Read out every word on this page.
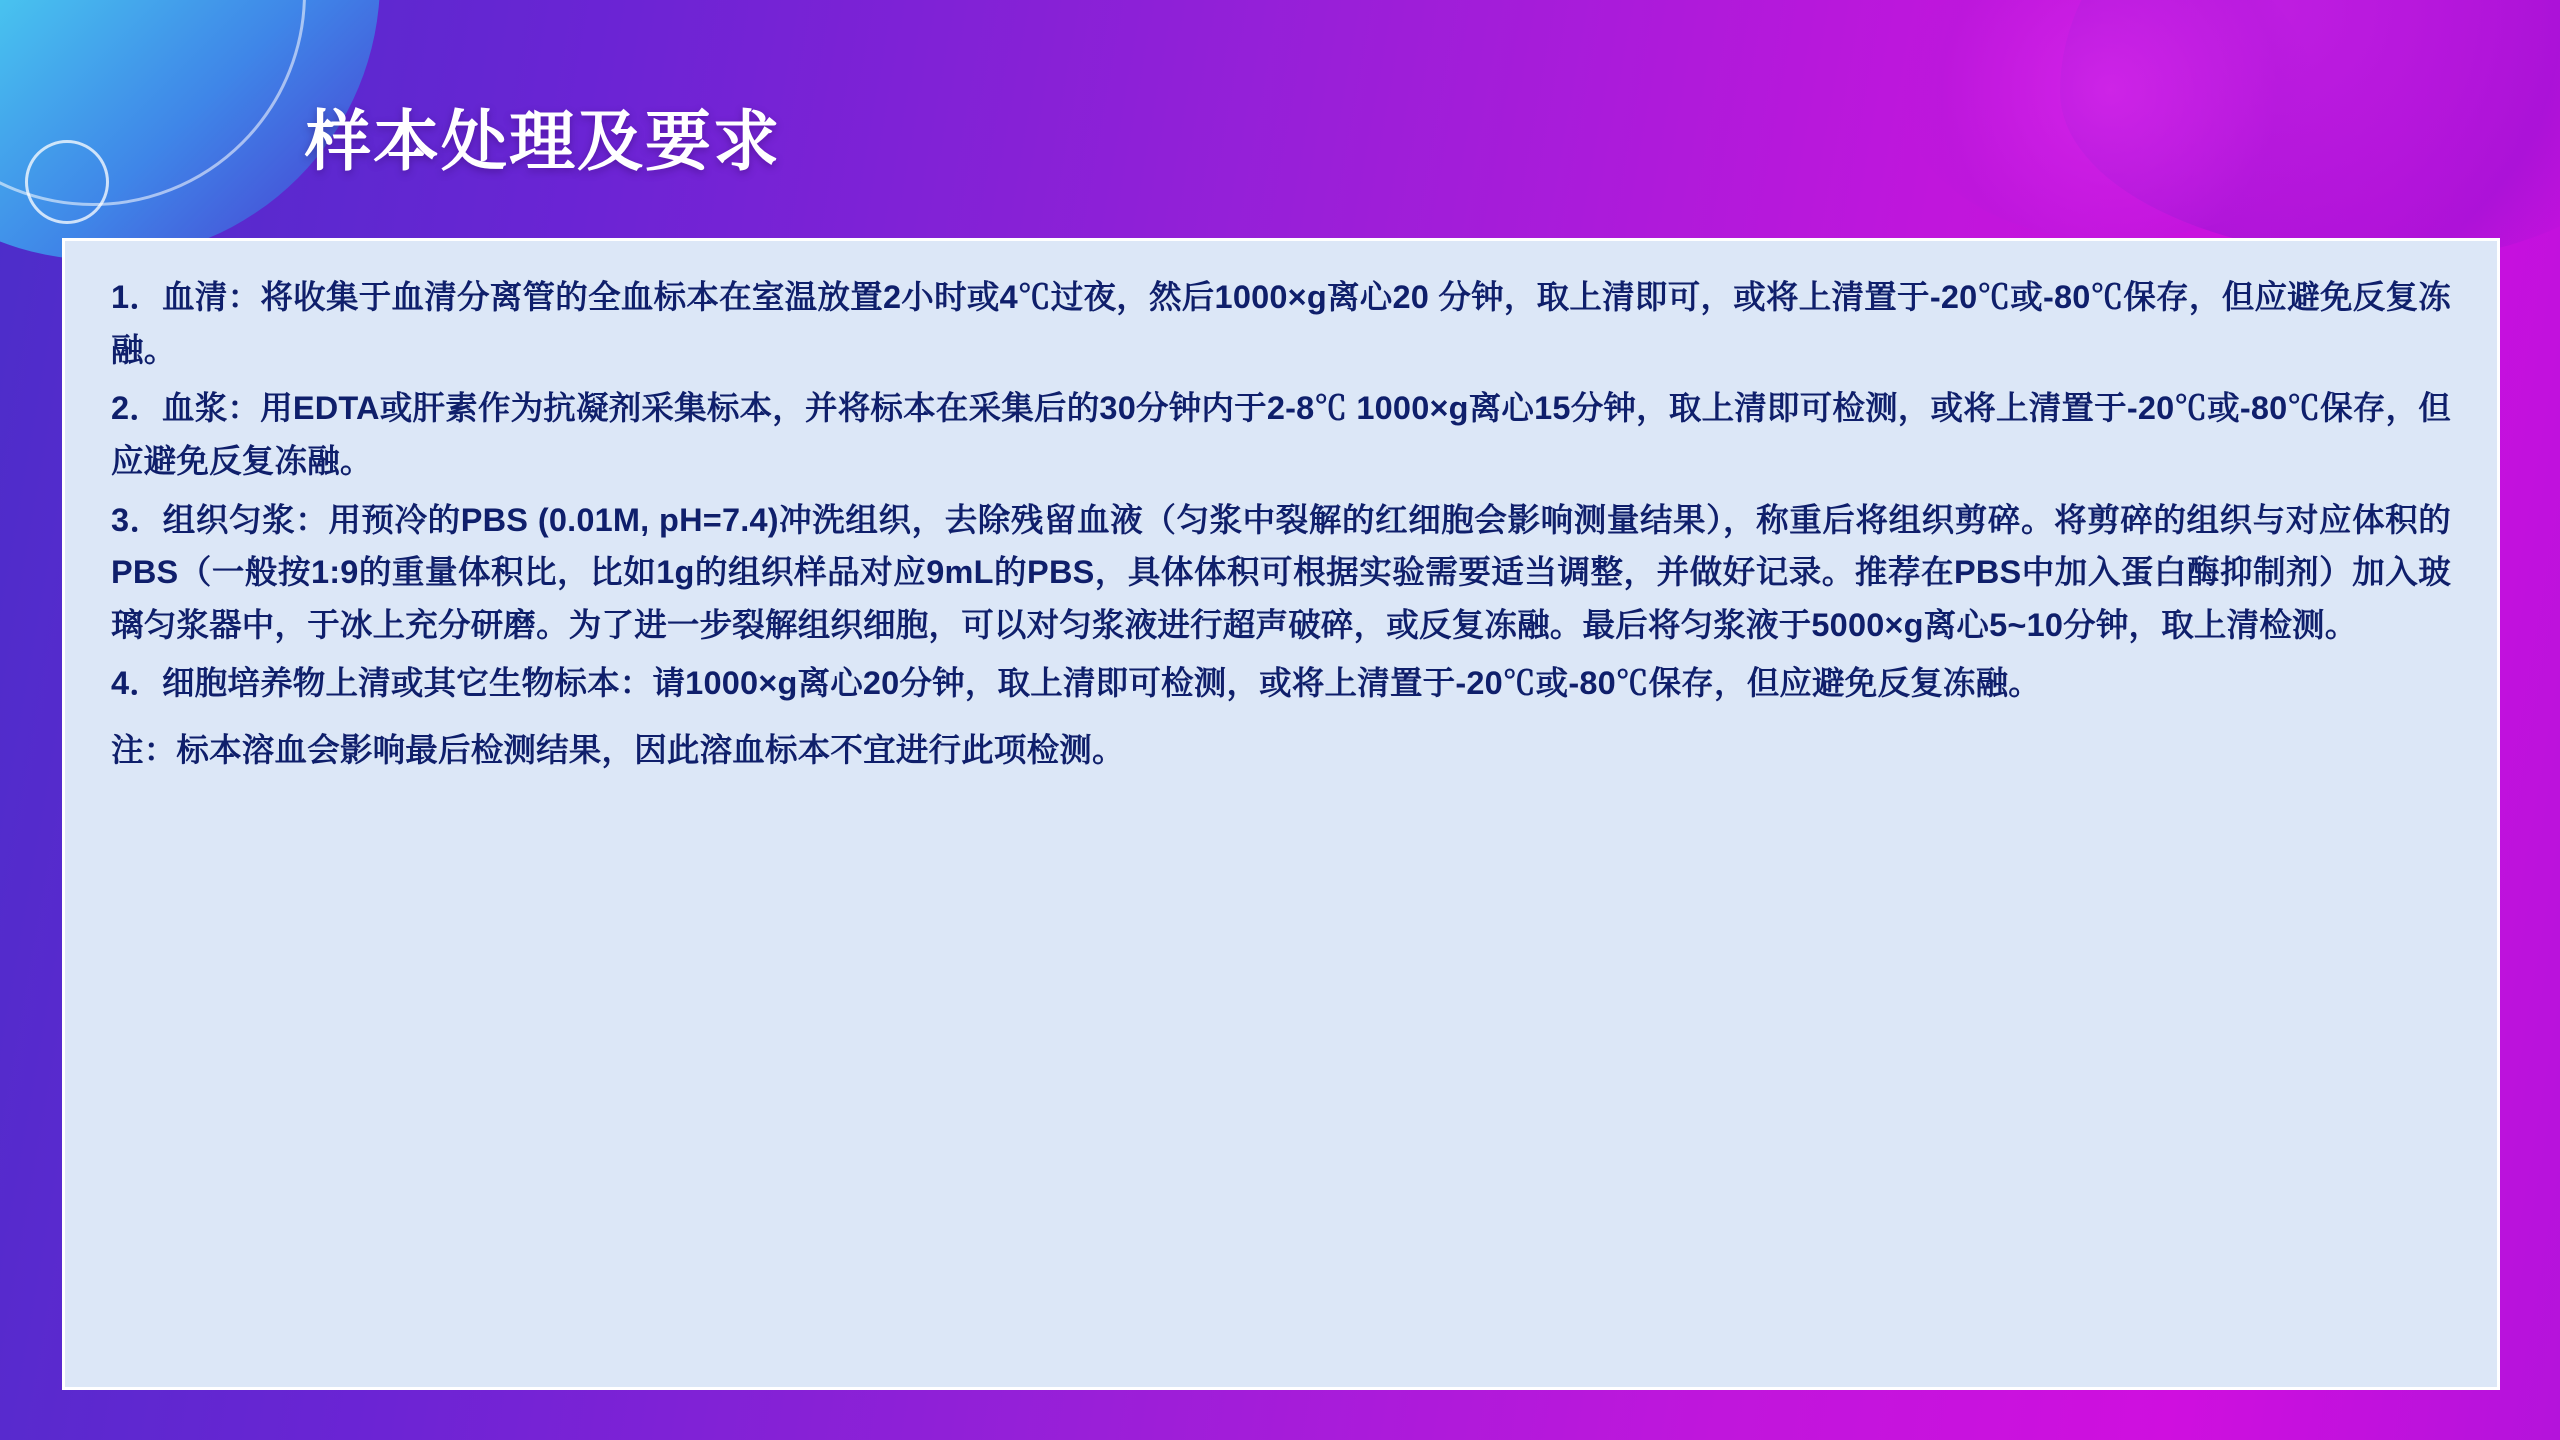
样本处理及要求

1．血清：将收集于血清分离管的全血标本在室温放置2小时或4℃过夜，然后1000×g离心20 分钟，取上清即可，或将上清置于-20℃或-80℃保存，但应避免反复冻融。

2．血浆：用EDTA或肝素作为抗凝剂采集标本，并将标本在采集后的30分钟内于2-8℃ 1000×g离心15分钟，取上清即可检测，或将上清置于-20℃或-80℃保存，但应避免反复冻融。

3．组织匀浆：用预冷的PBS (0.01M, pH=7.4)冲洗组织，去除残留血液（匀浆中裂解的红细胞会影响测量结果），称重后将组织剪碎。将剪碎的组织与对应体积的PBS（一般按1:9的重量体积比，比如1g的组织样品对应9mL的PBS，具体体积可根据实验需要适当调整，并做好记录。推荐在PBS中加入蛋白酶抑制剂）加入玻璃匀浆器中，于冰上充分研磨。为了进一步裂解组织细胞，可以对匀浆液进行超声破碎，或反复冻融。最后将匀浆液于5000×g离心5~10分钟，取上清检测。

4．细胞培养物上清或其它生物标本：请1000×g离心20分钟，取上清即可检测，或将上清置于-20℃或-80℃保存，但应避免反复冻融。

注：标本溶血会影响最后检测结果，因此溶血标本不宜进行此项检测。
